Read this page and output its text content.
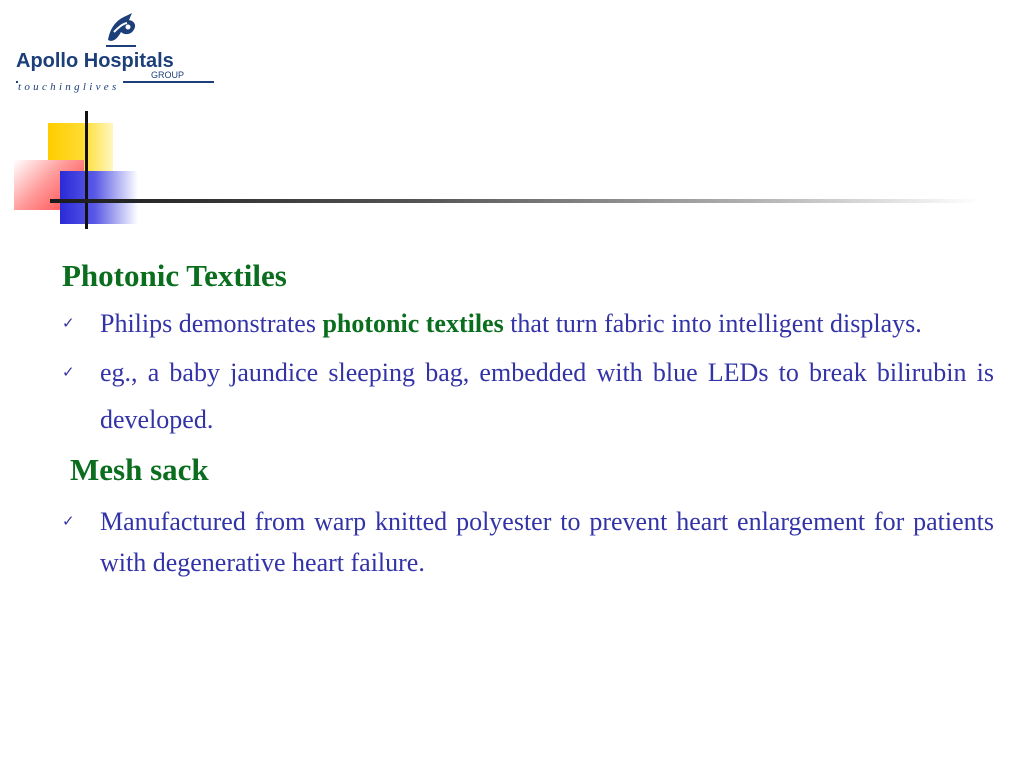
Apollo Hospitals
GROUP
touchinglives
Photonic Textiles

✓ Philips demonstrates photonic textiles that turn fabric into intelligent displays.

✓ eg., a baby jaundice sleeping bag, embedded with blue LEDs to break bilirubin is developed.

Mesh sack

✓ Manufactured from warp knitted polyester to prevent heart enlargement for patients with degenerative heart failure.
